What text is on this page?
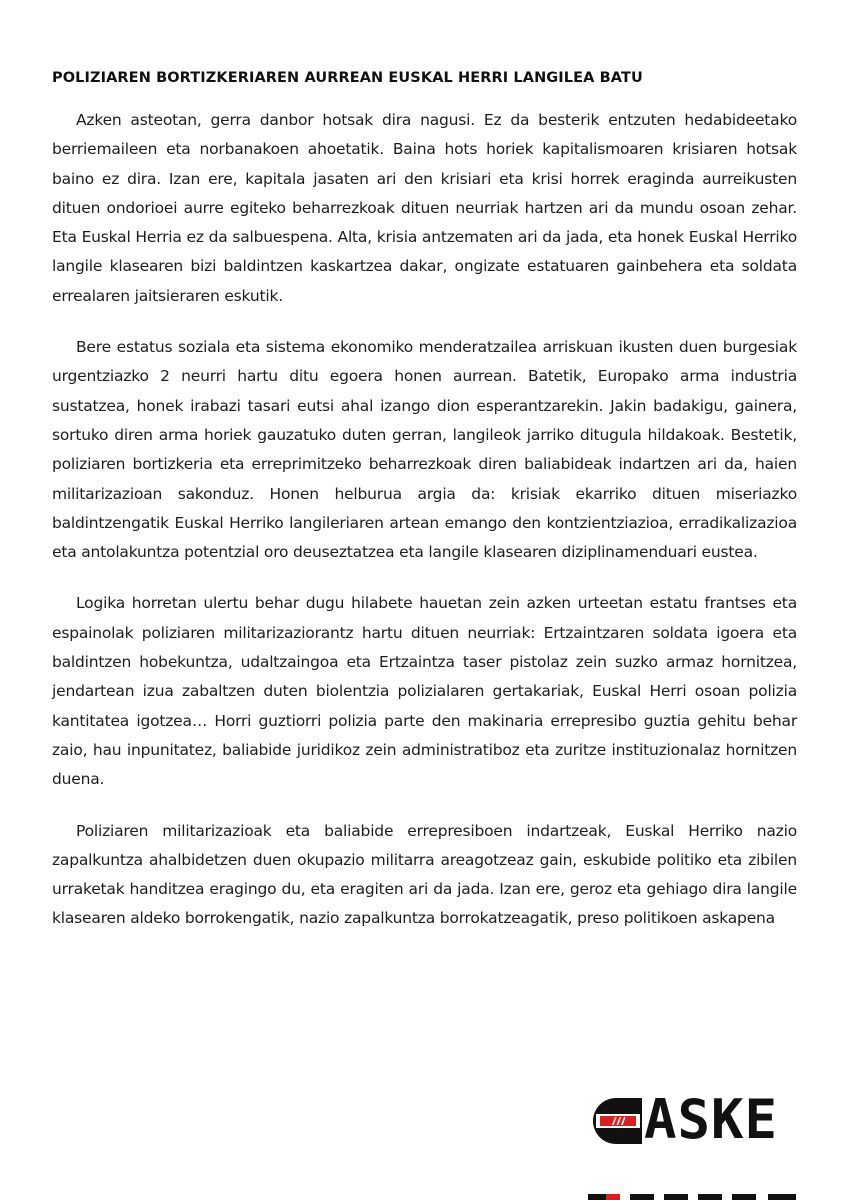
POLIZIAREN BORTIZKERIAREN AURREAN EUSKAL HERRI LANGILEA BATU

Azken asteotan, gerra danbor hotsak dira nagusi. Ez da besterik entzuten hedabideetako berriemaileen eta norbanakoen ahoetatik. Baina hots horiek kapitalismoaren krisiaren hotsak baino ez dira. Izan ere, kapitala jasaten ari den krisiari eta krisi horrek eraginda aurreikusten dituen ondorioei aurre egiteko beharrezkoak dituen neurriak hartzen ari da mundu osoan zehar. Eta Euskal Herria ez da salbuespena. Alta, krisia antzematen ari da jada, eta honek Euskal Herriko langile klasearen bizi baldintzen kaskartzea dakar, ongizate estatuaren gainbehera eta soldata errealaren jaitsieraren eskutik.

Bere estatus soziala eta sistema ekonomiko menderatzailea arriskuan ikusten duen burgesiak urgentziazko 2 neurri hartu ditu egoera honen aurrean. Batetik, Europako arma industria sustatzea, honek irabazi tasari eutsi ahal izango dion esperantzarekin. Jakin badakigu, gainera, sortuko diren arma horiek gauzatuko duten gerran, langileok jarriko ditugula hildakoak. Bestetik, poliziaren bortizkeria eta erreprimitzeko beharrezkoak diren baliabideak indartzen ari da, haien militarizazioan sakonduz. Honen helburua argia da: krisiak ekarriko dituen miseriazko baldintzengatik Euskal Herriko langileriaren artean emango den kontzientziazioa, erradikalizazioa eta antolakuntza potentzial oro deuseztatzea eta langile klasearen diziplinamenduari eustea.

Logika horretan ulertu behar dugu hilabete hauetan zein azken urteetan estatu frantses eta espainolak poliziaren militarizaziorantz hartu dituen neurriak: Ertzaintzaren soldata igoera eta baldintzen hobekuntza, udaltzaingoa eta Ertzaintza taser pistolaz zein suzko armaz hornitzea, jendartean izua zabaltzen duten biolentzia polizialaren gertakariak, Euskal Herri osoan polizia kantitatea igotzea… Horri guztiorri polizia parte den makinaria errepresibo guztia gehitu behar zaio, hau inpunitatez, baliabide juridikoz zein administratiboz eta zuritze instituzionalaz hornitzen duena.

Poliziaren militarizazioak eta baliabide errepresiboen indartzeak, Euskal Herriko nazio zapalkuntza ahalbidetzen duen okupazio militarra areagotzeaz gain, eskubide politiko eta zibilen urraketak handitzea eragingo du, eta eragiten ari da jada. Izan ere, geroz eta gehiago dira langile klasearen aldeko borrokengatik, nazio zapalkuntza borrokatzeagatik, preso politikoen askapena

ASKE
